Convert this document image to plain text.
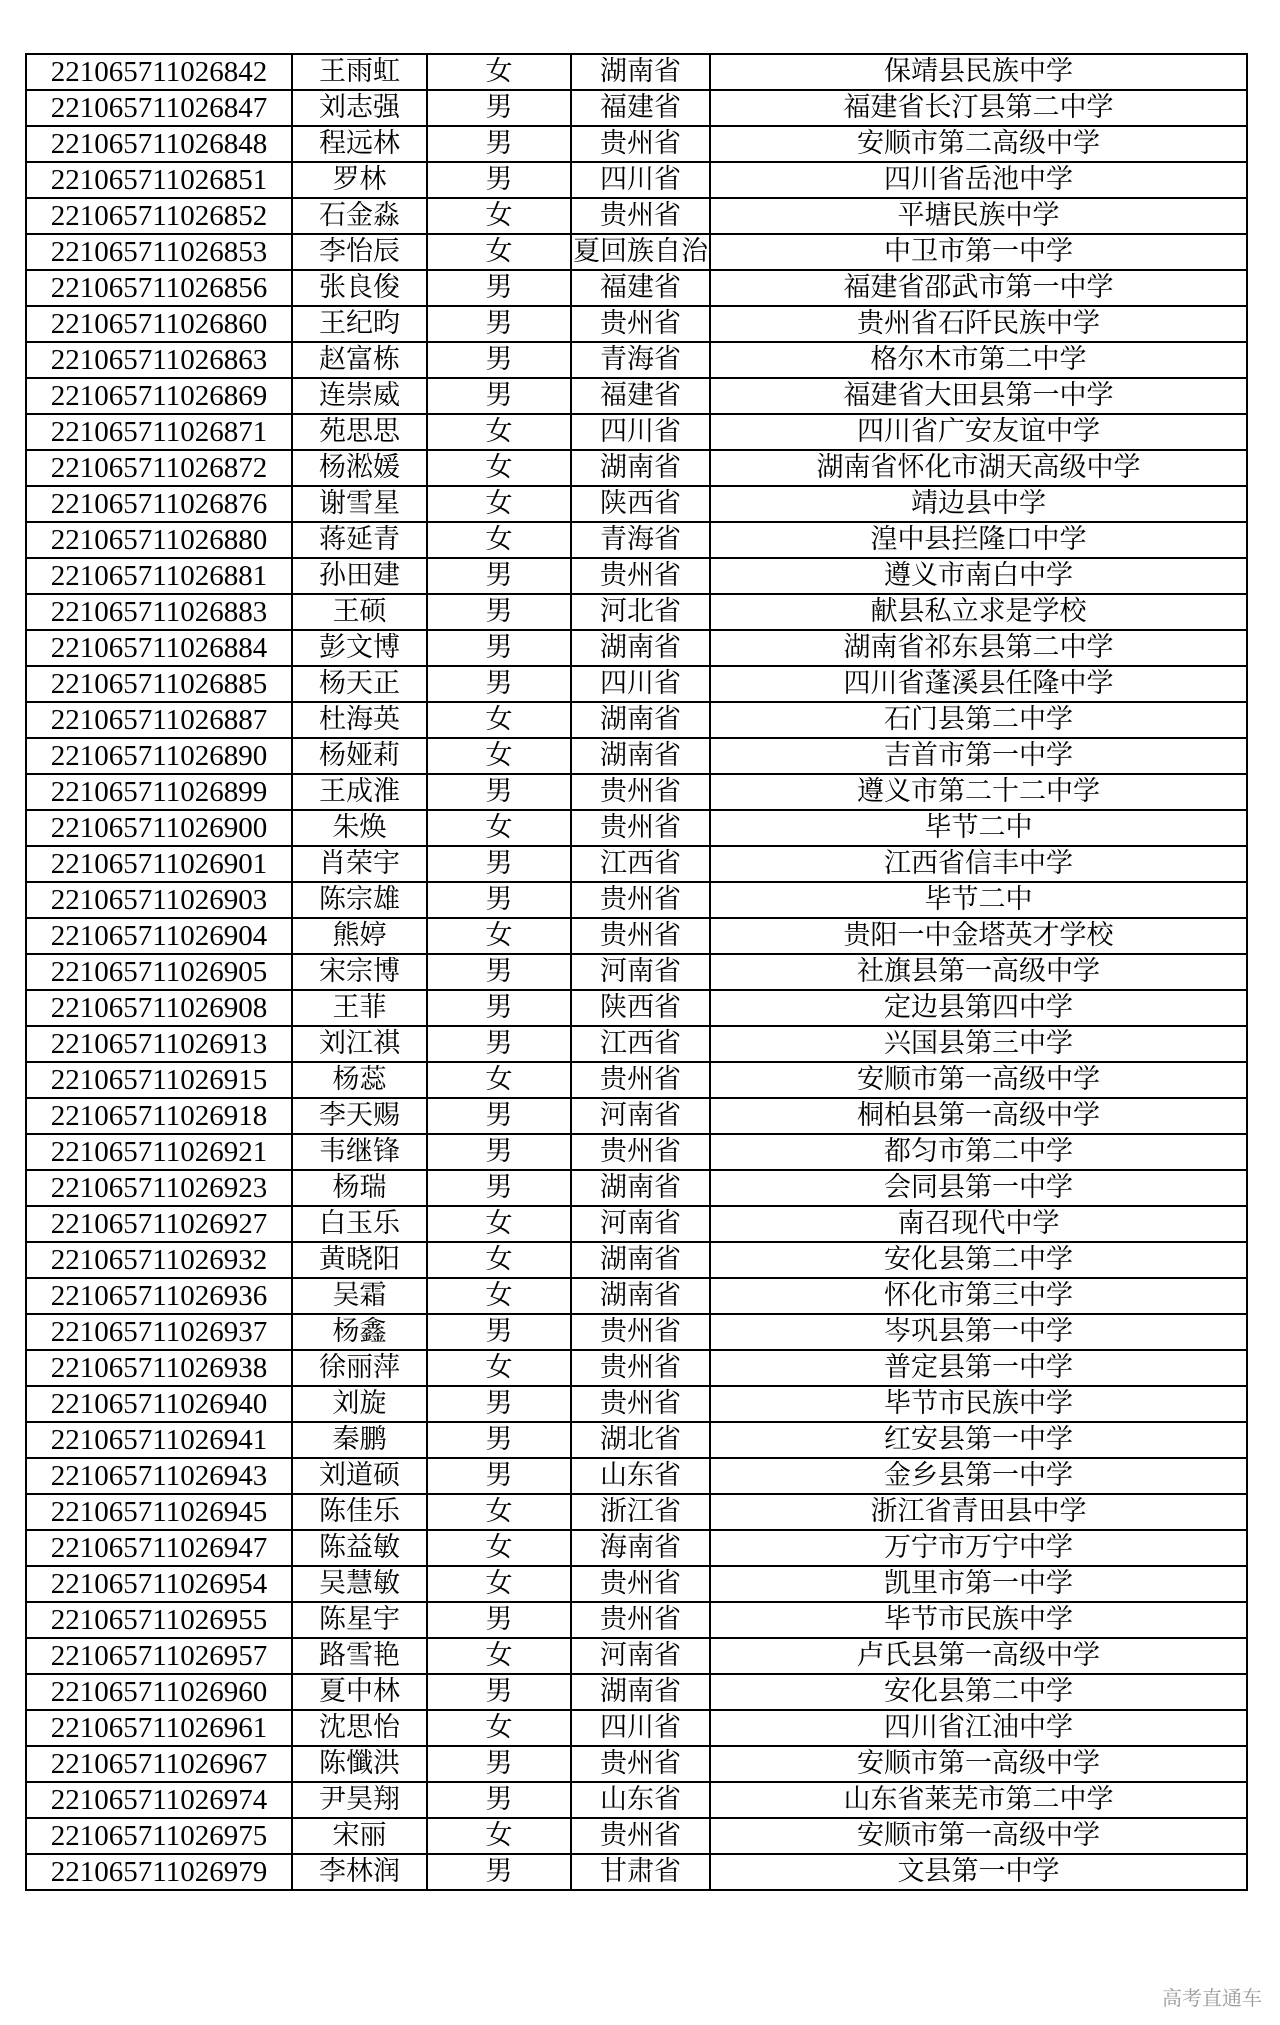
221065711026842	王雨虹	女	湖南省	保靖县民族中学
221065711026847	刘志强	男	福建省	福建省长汀县第二中学
221065711026848	程远林	男	贵州省	安顺市第二高级中学
221065711026851	罗林	男	四川省	四川省岳池中学
221065711026852	石金淼	女	贵州省	平塘民族中学
221065711026853	李怡辰	女	夏回族自治	中卫市第一中学
221065711026856	张良俊	男	福建省	福建省邵武市第一中学
221065711026860	王纪昀	男	贵州省	贵州省石阡民族中学
221065711026863	赵富栋	男	青海省	格尔木市第二中学
221065711026869	连崇威	男	福建省	福建省大田县第一中学
221065711026871	苑思思	女	四川省	四川省广安友谊中学
221065711026872	杨淞媛	女	湖南省	湖南省怀化市湖天高级中学
221065711026876	谢雪星	女	陕西省	靖边县中学
221065711026880	蒋延青	女	青海省	湟中县拦隆口中学
221065711026881	孙田建	男	贵州省	遵义市南白中学
221065711026883	王硕	男	河北省	献县私立求是学校
221065711026884	彭文博	男	湖南省	湖南省祁东县第二中学
221065711026885	杨天正	男	四川省	四川省蓬溪县任隆中学
221065711026887	杜海英	女	湖南省	石门县第二中学
221065711026890	杨娅莉	女	湖南省	吉首市第一中学
221065711026899	王成淮	男	贵州省	遵义市第二十二中学
221065711026900	朱焕	女	贵州省	毕节二中
221065711026901	肖荣宇	男	江西省	江西省信丰中学
221065711026903	陈宗雄	男	贵州省	毕节二中
221065711026904	熊婷	女	贵州省	贵阳一中金塔英才学校
221065711026905	宋宗博	男	河南省	社旗县第一高级中学
221065711026908	王菲	男	陕西省	定边县第四中学
221065711026913	刘江祺	男	江西省	兴国县第三中学
221065711026915	杨蕊	女	贵州省	安顺市第一高级中学
221065711026918	李天赐	男	河南省	桐柏县第一高级中学
221065711026921	韦继锋	男	贵州省	都匀市第二中学
221065711026923	杨瑞	男	湖南省	会同县第一中学
221065711026927	白玉乐	女	河南省	南召现代中学
221065711026932	黄晓阳	女	湖南省	安化县第二中学
221065711026936	吴霜	女	湖南省	怀化市第三中学
221065711026937	杨鑫	男	贵州省	岑巩县第一中学
221065711026938	徐丽萍	女	贵州省	普定县第一中学
221065711026940	刘旋	男	贵州省	毕节市民族中学
221065711026941	秦鹏	男	湖北省	红安县第一中学
221065711026943	刘道硕	男	山东省	金乡县第一中学
221065711026945	陈佳乐	女	浙江省	浙江省青田县中学
221065711026947	陈益敏	女	海南省	万宁市万宁中学
221065711026954	吴慧敏	女	贵州省	凯里市第一中学
221065711026955	陈星宇	男	贵州省	毕节市民族中学
221065711026957	路雪艳	女	河南省	卢氏县第一高级中学
221065711026960	夏中林	男	湖南省	安化县第二中学
221065711026961	沈思怡	女	四川省	四川省江油中学
221065711026967	陈懺洪	男	贵州省	安顺市第一高级中学
221065711026974	尹昊翔	男	山东省	山东省莱芜市第二中学
221065711026975	宋丽	女	贵州省	安顺市第一高级中学
221065711026979	李林润	男	甘肃省	文县第一中学
高考直通车
